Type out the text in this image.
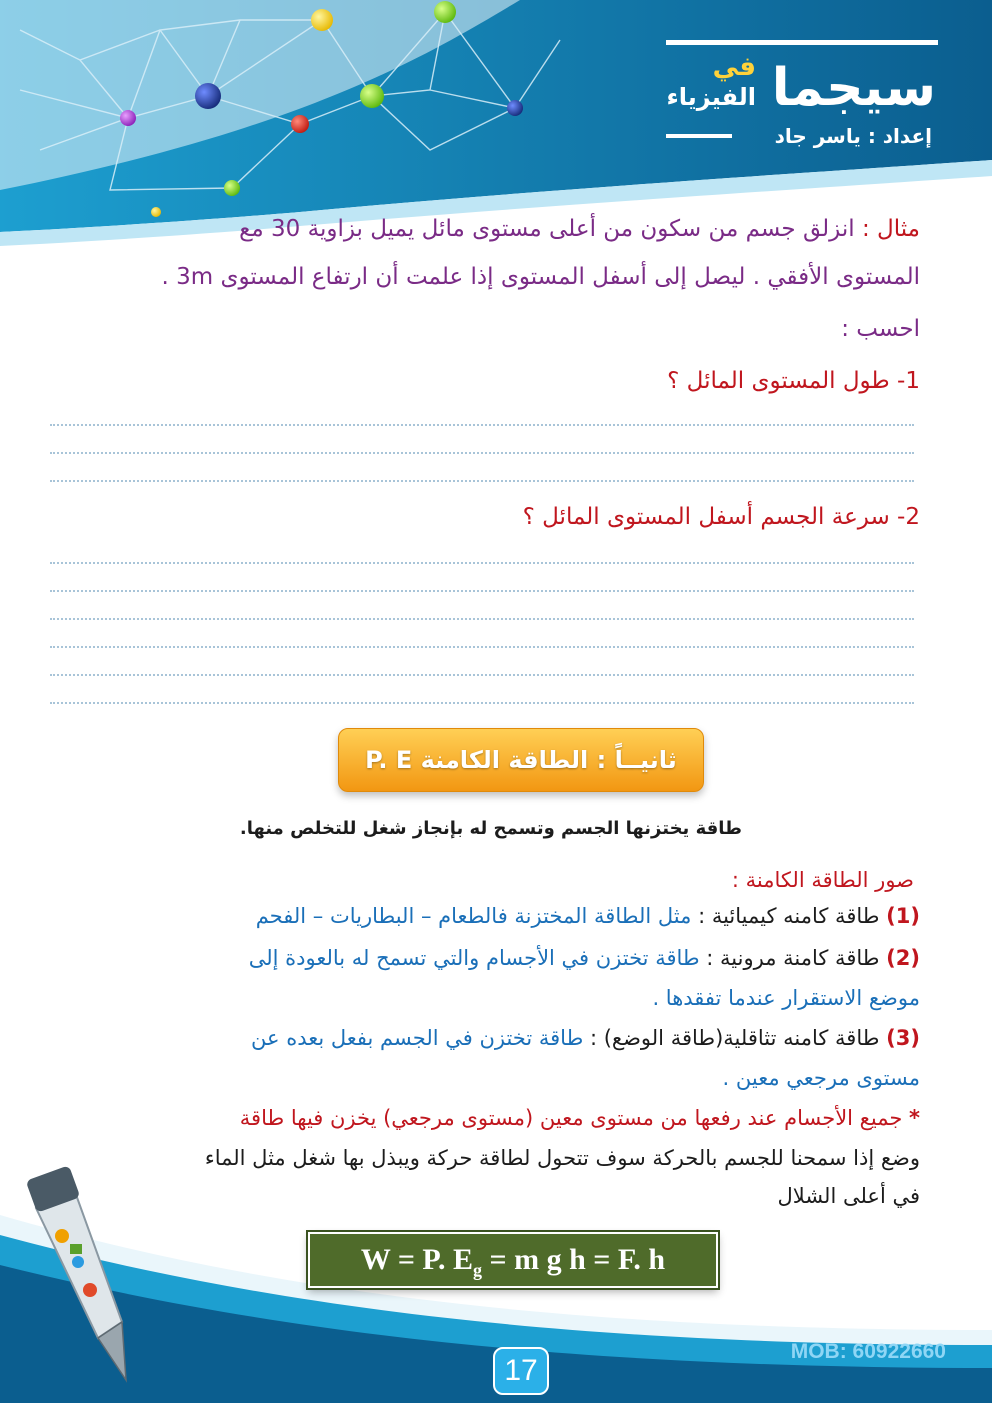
سيجما
في
الفيزياء
إعداد : ياسر جاد
مثال : انزلق جسم من سكون من أعلى مستوى مائل يميل بزاوية 30 مع
المستوى الأفقي . ليصل إلى أسفل المستوى إذا علمت أن ارتفاع المستوى 3m .
احسب :
1- طول المستوى المائل ؟
2- سرعة الجسم أسفل المستوى المائل ؟
ثانيــاً : الطاقة الكامنة P. E
طاقة يختزنها الجسم وتسمح له بإنجاز شغل للتخلص منها.
صور الطاقة الكامنة :
(1) طاقة كامنه كيميائية : مثل الطاقة المختزنة فالطعام – البطاريات – الفحم
(2) طاقة كامنة مرونية : طاقة تختزن في الأجسام والتي تسمح له بالعودة إلى
موضع الاستقرار عندما تفقدها .
(3) طاقة كامنه تثاقلية(طاقة الوضع) : طاقة تختزن في الجسم بفعل بعده عن
مستوى مرجعي معين .
* جميع الأجسام عند رفعها من مستوى معين (مستوى مرجعي) يخزن فيها طاقة
وضع إذا سمحنا للجسم بالحركة سوف تتحول لطاقة حركة ويبذل بها شغل مثل الماء
في أعلى الشلال
W = P. $E_g = m$ g h = F. h
17
MOB: 60922660
